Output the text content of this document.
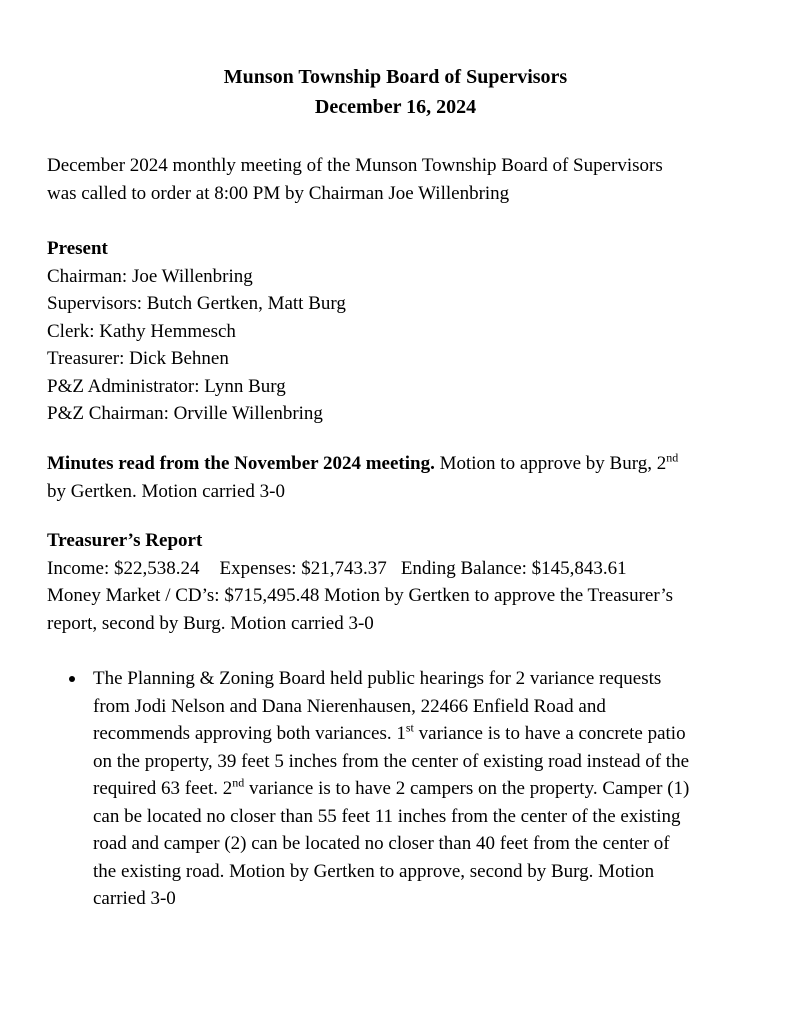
Munson Township Board of Supervisors
December 16, 2024
December 2024 monthly meeting of the Munson Township Board of Supervisors
was called to order at 8:00 PM by Chairman Joe Willenbring
Present
Chairman: Joe Willenbring
Supervisors: Butch Gertken, Matt Burg
Clerk: Kathy Hemmesch
Treasurer: Dick Behnen
P&Z Administrator: Lynn Burg
P&Z Chairman: Orville Willenbring
Minutes read from the November 2024 meeting. Motion to approve by Burg, 2nd
by Gertken. Motion carried 3-0
Treasurer’s Report
Income: $22,538.24 Expenses: $21,743.37 Ending Balance: $145,843.61
Money Market / CD’s: $715,495.48 Motion by Gertken to approve the Treasurer’s
report, second by Burg. Motion carried 3-0
The Planning & Zoning Board held public hearings for 2 variance requests
from Jodi Nelson and Dana Nierenhausen, 22466 Enfield Road and
recommends approving both variances. 1st variance is to have a concrete patio
on the property, 39 feet 5 inches from the center of existing road instead of the
required 63 feet. 2nd variance is to have 2 campers on the property. Camper (1)
can be located no closer than 55 feet 11 inches from the center of the existing
road and camper (2) can be located no closer than 40 feet from the center of
the existing road. Motion by Gertken to approve, second by Burg. Motion
carried 3-0
